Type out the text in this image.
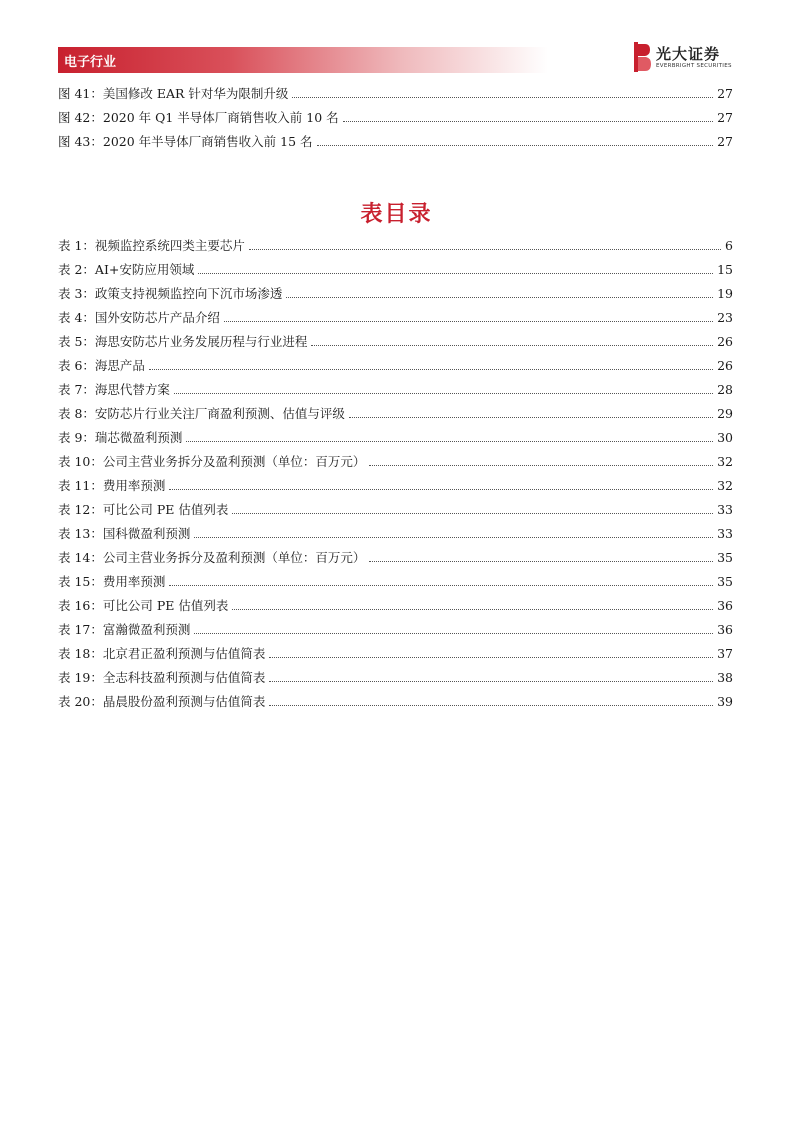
电子行业	光大证券
EVERBRIGHT SECURITIES
图 41：美国修改 EAR 针对华为限制升级	27
图 42：2020 年 Q1 半导体厂商销售收入前 10 名	27
图 43：2020 年半导体厂商销售收入前 15 名	27
表目录
表 1：视频监控系统四类主要芯片	6
表 2：AI+安防应用领域	15
表 3：政策支持视频监控向下沉市场渗透	19
表 4：国外安防芯片产品介绍	23
表 5：海思安防芯片业务发展历程与行业进程	26
表 6：海思产品	26
表 7：海思代替方案	28
表 8：安防芯片行业关注厂商盈利预测、估值与评级	29
表 9：瑞芯微盈利预测	30
表 10：公司主营业务拆分及盈利预测（单位：百万元）	32
表 11：费用率预测	32
表 12：可比公司 PE 估值列表	33
表 13：国科微盈利预测	33
表 14：公司主营业务拆分及盈利预测（单位：百万元）	35
表 15：费用率预测	35
表 16：可比公司 PE 估值列表	36
表 17：富瀚微盈利预测	36
表 18：北京君正盈利预测与估值简表	37
表 19：全志科技盈利预测与估值简表	38
表 20：晶晨股份盈利预测与估值简表	39
